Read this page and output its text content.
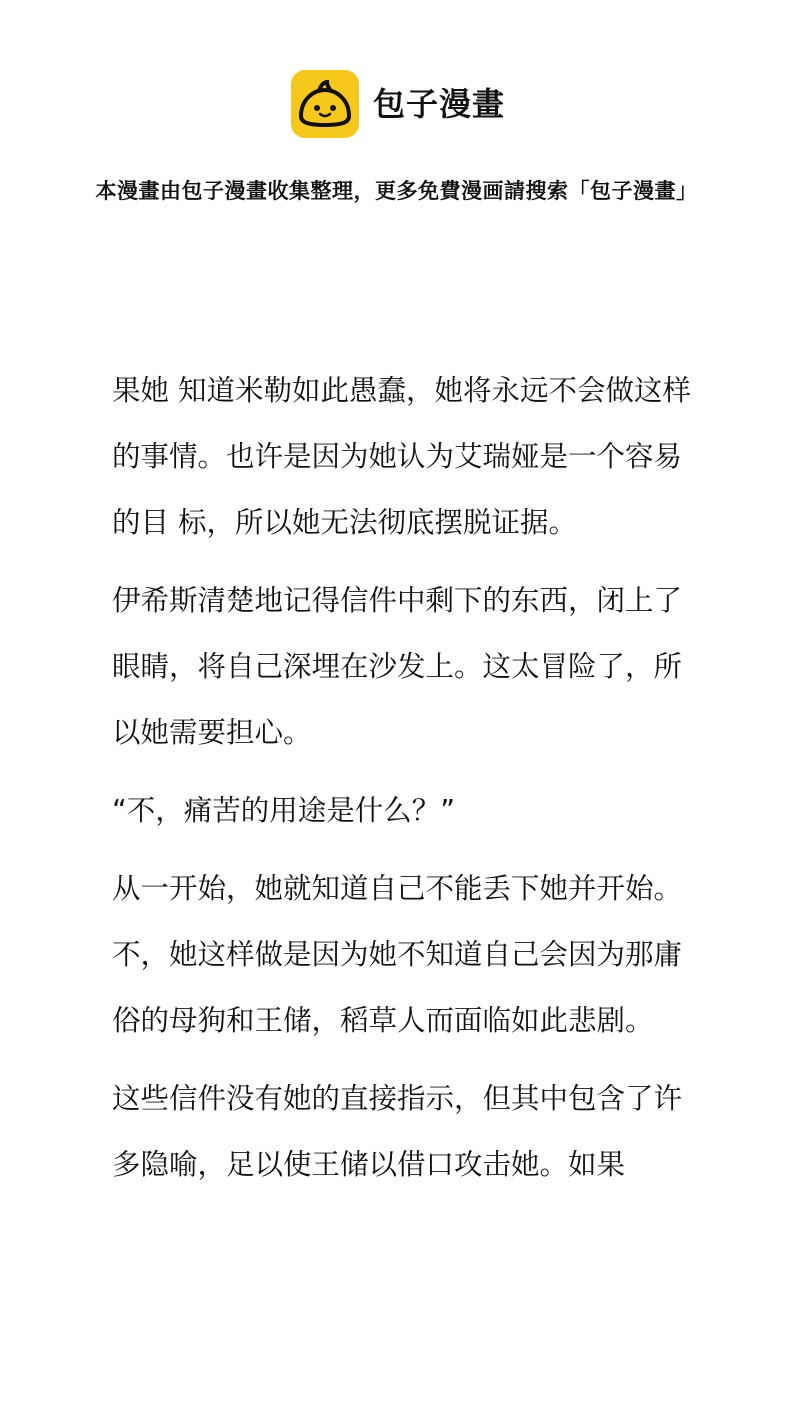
包子漫畫
本漫畫由包子漫畫收集整理，更多免費漫画請搜索「包子漫畫」

果她 知道米勒如此愚蠢，她将永远不会做这样的事情。也许是因为她认为艾瑞娅是一个容易的目 标，所以她无法彻底摆脱证据。

伊希斯清楚地记得信件中剩下的东西，闭上了眼睛，将自己深埋在沙发上。这太冒险了，所 以她需要担心。

“不，痛苦的用途是什么？”

从一开始，她就知道自己不能丢下她并开始。不，她这样做是因为她不知道自己会因为那庸 俗的母狗和王储，稻草人而面临如此悲剧。

这些信件没有她的直接指示，但其中包含了许多隐喻，足以使王储以借口攻击她。如果
